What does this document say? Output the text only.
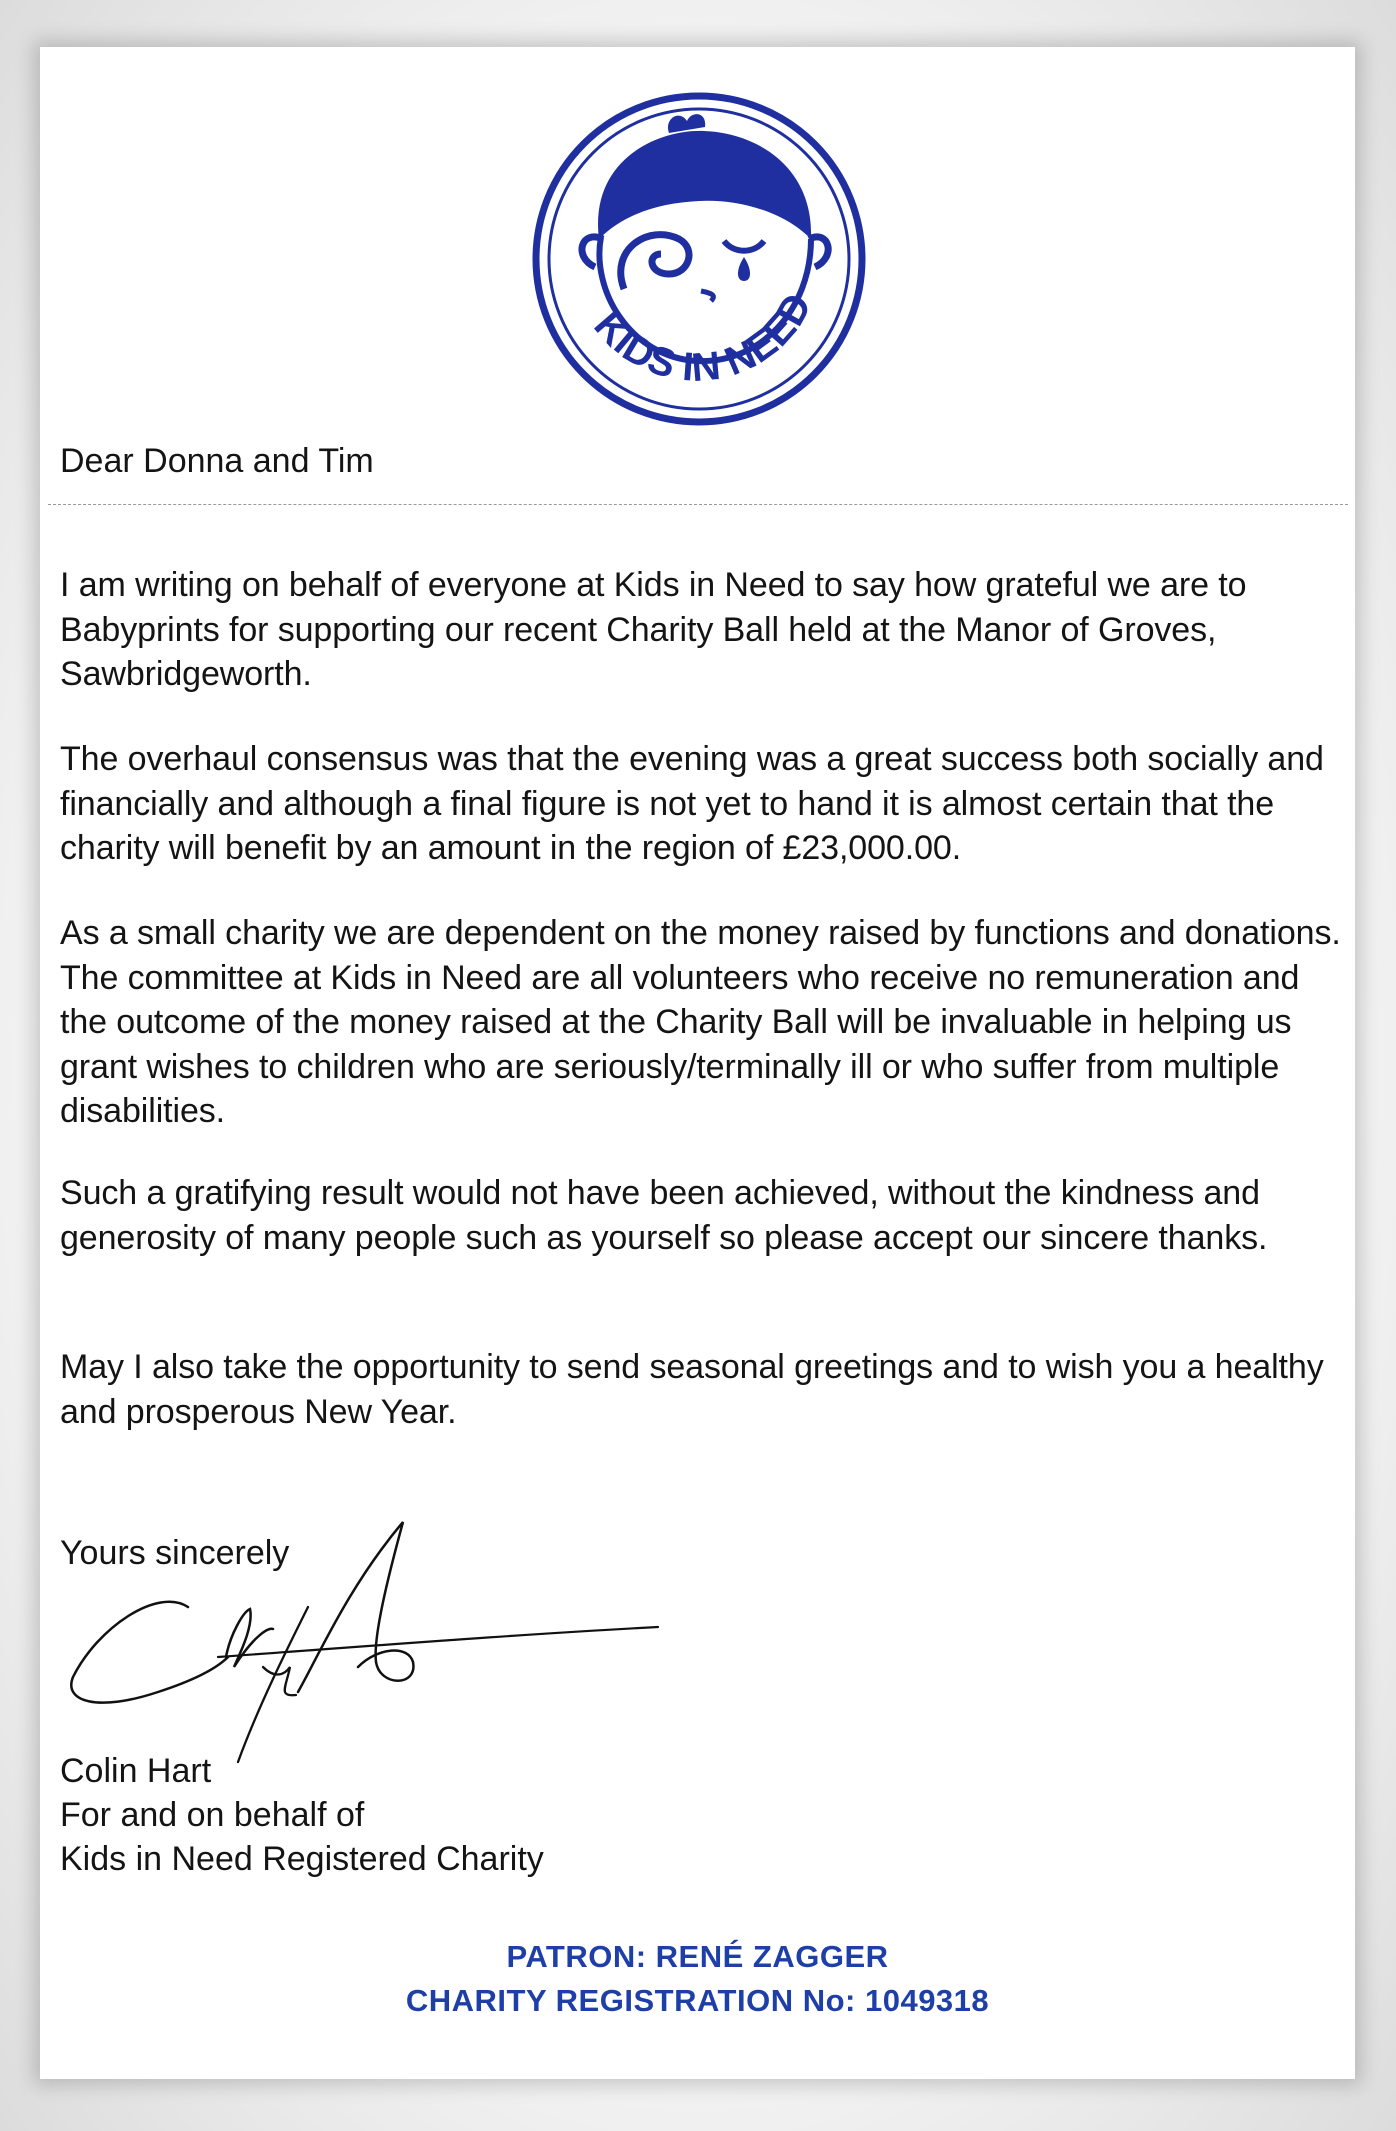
KIDS IN NEED

Dear Donna and Tim

I am writing on behalf of everyone at Kids in Need to say how grateful we are to Babyprints for supporting our recent Charity Ball held at the Manor of Groves, Sawbridgeworth.

The overhaul consensus was that the evening was a great success both socially and financially and although a final figure is not yet to hand it is almost certain that the charity will benefit by an amount in the region of £23,000.00.

As a small charity we are dependent on the money raised by functions and donations. The committee at Kids in Need are all volunteers who receive no remuneration and the outcome of the money raised at the Charity Ball will be invaluable in helping us grant wishes to children who are seriously/terminally ill or who suffer from multiple disabilities.

Such a gratifying result would not have been achieved, without the kindness and generosity of many people such as yourself so please accept our sincere thanks.

May I also take the opportunity to send seasonal greetings and to wish you a healthy and prosperous New Year.

Yours sincerely

Colin Hart

For and on behalf of

Kids in Need Registered Charity

PATRON: RENÉ ZAGGER

CHARITY REGISTRATION No: 1049318
